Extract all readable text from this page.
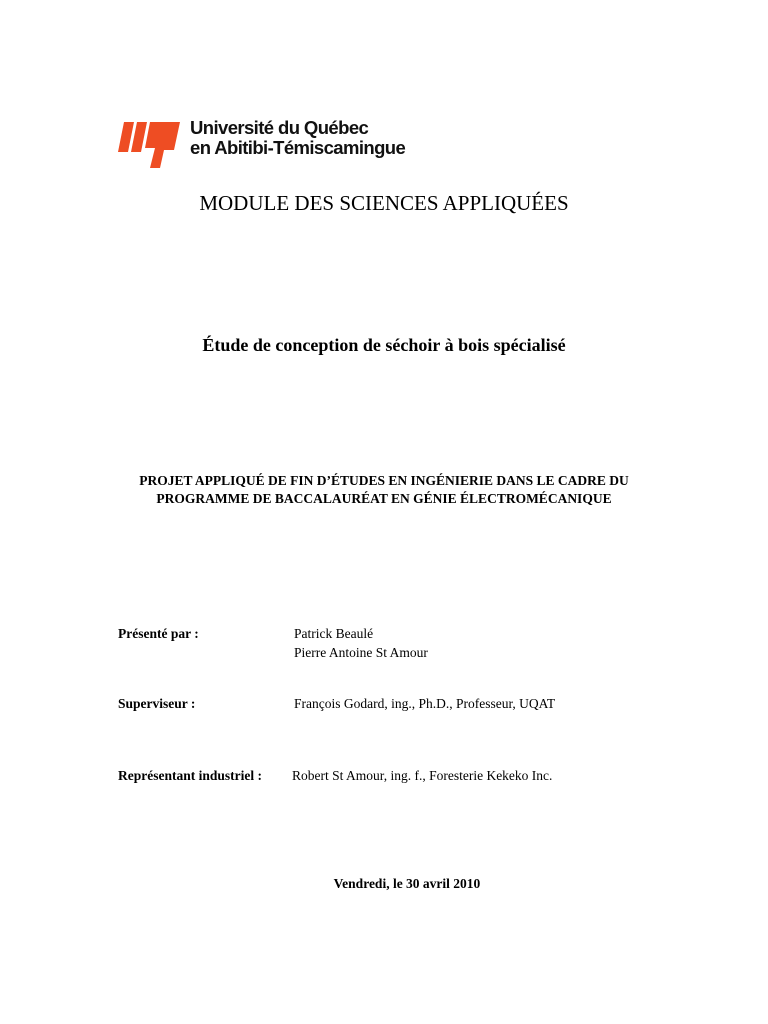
Université du Québec
en Abitibi-Témiscamingue
MODULE DES SCIENCES APPLIQUÉES
Étude de conception de séchoir à bois spécialisé
PROJET APPLIQUÉ DE FIN D’ÉTUDES EN INGÉNIERIE DANS LE CADRE DU
PROGRAMME DE BACCALAURÉAT EN GÉNIE ÉLECTROMÉCANIQUE
Présenté par :	Patrick Beaulé
Pierre Antoine St Amour
Superviseur :	François Godard, ing., Ph.D., Professeur, UQAT
Représentant industriel : Robert St Amour, ing. f., Foresterie Kekeko Inc.
Vendredi, le 30 avril 2010
